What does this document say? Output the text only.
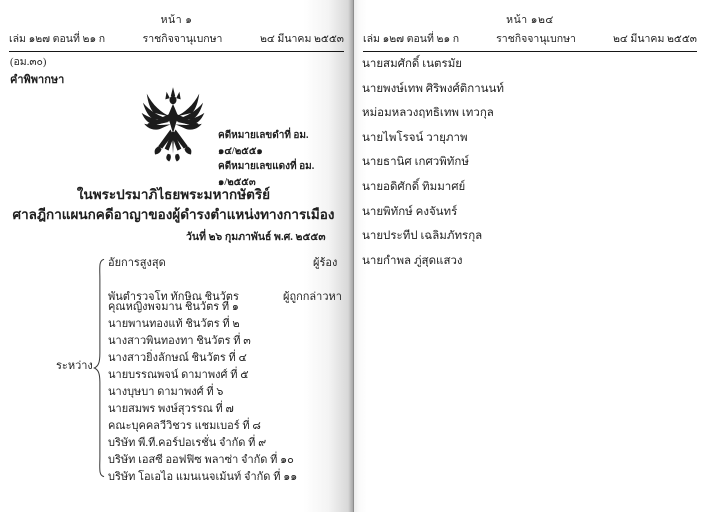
หน้า ๑
เล่ม ๑๒๗ ตอนที่ ๒๑ ก	ราชกิจจานุเบกษา	๒๔ มีนาคม ๒๕๕๓
(อม.๓๐)
คำพิพากษา
คดีหมายเลขดำที่ อม. ๑๔/๒๕๕๑
คดีหมายเลขแดงที่ อม. ๑/๒๕๕๓
ในพระปรมาภิไธยพระมหากษัตริย์
ศาลฎีกาแผนกคดีอาญาของผู้ดำรงตำแหน่งทางการเมือง
วันที่ ๒๖ กุมภาพันธ์ พ.ศ. ๒๕๕๓
ระหว่าง
อัยการสูงสุด	ผู้ร้อง
พันตำรวจโท ทักษิณ ชินวัตร	ผู้ถูกกล่าวหา
คุณหญิงพจมาน ชินวัตร ที่ ๑
นายพานทองแท้ ชินวัตร ที่ ๒
นางสาวพินทองทา ชินวัตร ที่ ๓
นางสาวยิ่งลักษณ์ ชินวัตร ที่ ๔
นายบรรณพจน์ ดามาพงศ์ ที่ ๕
นางบุษบา ดามาพงศ์ ที่ ๖
นายสมพร พงษ์สุวรรณ ที่ ๗
คณะบุคคลวีวิชวร แชมเบอร์ ที่ ๘
บริษัท พี.ที.คอร์ปอเรชั่น จำกัด ที่ ๙
บริษัท เอสซี ออฟฟิซ พลาซ่า จำกัด ที่ ๑๐
บริษัท โอเอไอ แมนเนจเม้นท์ จำกัด ที่ ๑๑
หน้า ๑๒๔
เล่ม ๑๒๗ ตอนที่ ๒๑ ก	ราชกิจจานุเบกษา	๒๔ มีนาคม ๒๕๕๓
นายสมศักดิ์ เนตรมัย
นายพงษ์เทพ ศิริพงศ์ติกานนท์
หม่อมหลวงฤทธิเทพ เทวกุล
นายไพโรจน์ วายุภาพ
นายธานิศ เกศวพิทักษ์
นายอดิศักดิ์ ทิมมาศย์
นายพิทักษ์ คงจันทร์
นายประทีป เฉลิมภัทรกุล
นายกำพล ภู่สุดแสวง
